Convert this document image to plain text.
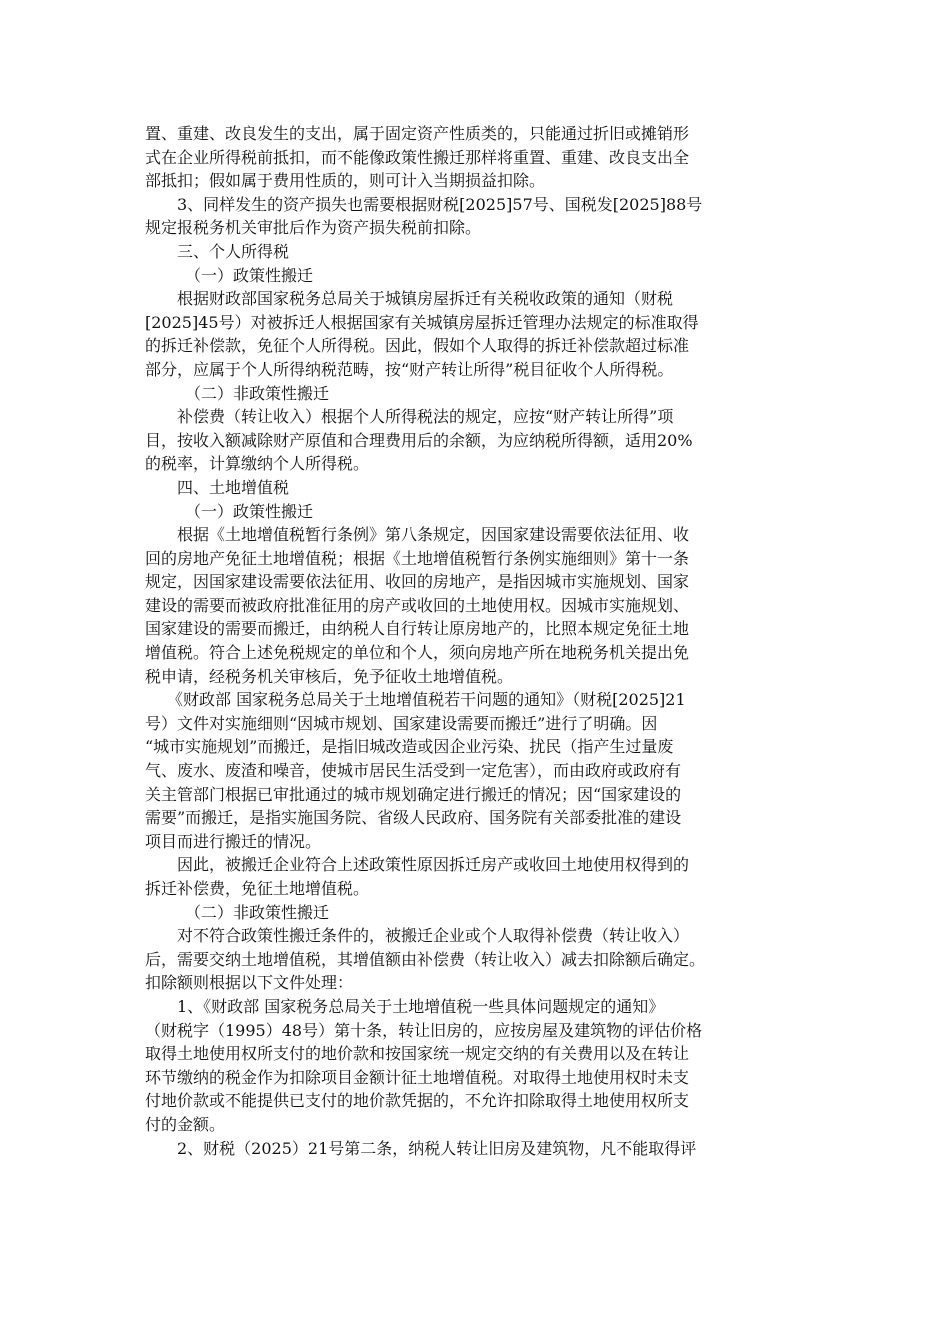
置、重建、改良发生的支出，属于固定资产性质类的，只能通过折旧或摊销形
式在企业所得税前抵扣，而不能像政策性搬迁那样将重置、重建、改良支出全
部抵扣；假如属于费用性质的，则可计入当期损益扣除。
3、同样发生的资产损失也需要根据财税[2025]57号、国税发[2025]88号
规定报税务机关审批后作为资产损失税前扣除。
三、个人所得税
（一）政策性搬迁
根据财政部国家税务总局关于城镇房屋拆迁有关税收政策的通知（财税
[2025]45号）对被拆迁人根据国家有关城镇房屋拆迁管理办法规定的标准取得
的拆迁补偿款，免征个人所得税。因此，假如个人取得的拆迁补偿款超过标准
部分，应属于个人所得纳税范畴，按“财产转让所得”税目征收个人所得税。
（二）非政策性搬迁
补偿费（转让收入）根据个人所得税法的规定，应按“财产转让所得”项
目，按收入额减除财产原值和合理费用后的余额，为应纳税所得额，适用20%
的税率，计算缴纳个人所得税。
四、土地增值税
（一）政策性搬迁
根据《土地增值税暂行条例》第八条规定，因国家建设需要依法征用、收
回的房地产免征土地增值税；根据《土地增值税暂行条例实施细则》第十一条
规定，因国家建设需要依法征用、收回的房地产，是指因城市实施规划、国家
建设的需要而被政府批准征用的房产或收回的土地使用权。因城市实施规划、
国家建设的需要而搬迁，由纳税人自行转让原房地产的，比照本规定免征土地
增值税。符合上述免税规定的单位和个人，须向房地产所在地税务机关提出免
税申请，经税务机关审核后，免予征收土地增值税。
《财政部 国家税务总局关于土地增值税若干问题的通知》（财税[2025]21
号）文件对实施细则“因城市规划、国家建设需要而搬迁”进行了明确。因
“城市实施规划”而搬迁，是指旧城改造或因企业污染、扰民（指产生过量废
气、废水、废渣和噪音，使城市居民生活受到一定危害），而由政府或政府有
关主管部门根据已审批通过的城市规划确定进行搬迁的情况；因“国家建设的
需要”而搬迁，是指实施国务院、省级人民政府、国务院有关部委批准的建设
项目而进行搬迁的情况。
因此，被搬迁企业符合上述政策性原因拆迁房产或收回土地使用权得到的
拆迁补偿费，免征土地增值税。
（二）非政策性搬迁
对不符合政策性搬迁条件的，被搬迁企业或个人取得补偿费（转让收入）
后，需要交纳土地增值税，其增值额由补偿费（转让收入）减去扣除额后确定。
扣除额则根据以下文件处理：
1、《财政部 国家税务总局关于土地增值税一些具体问题规定的通知》
（财税字（1995）48号）第十条，转让旧房的，应按房屋及建筑物的评估价格
取得土地使用权所支付的地价款和按国家统一规定交纳的有关费用以及在转让
环节缴纳的税金作为扣除项目金额计征土地增值税。对取得土地使用权时未支
付地价款或不能提供已支付的地价款凭据的，不允许扣除取得土地使用权所支
付的金额。
2、财税（2025）21号第二条，纳税人转让旧房及建筑物，凡不能取得评
